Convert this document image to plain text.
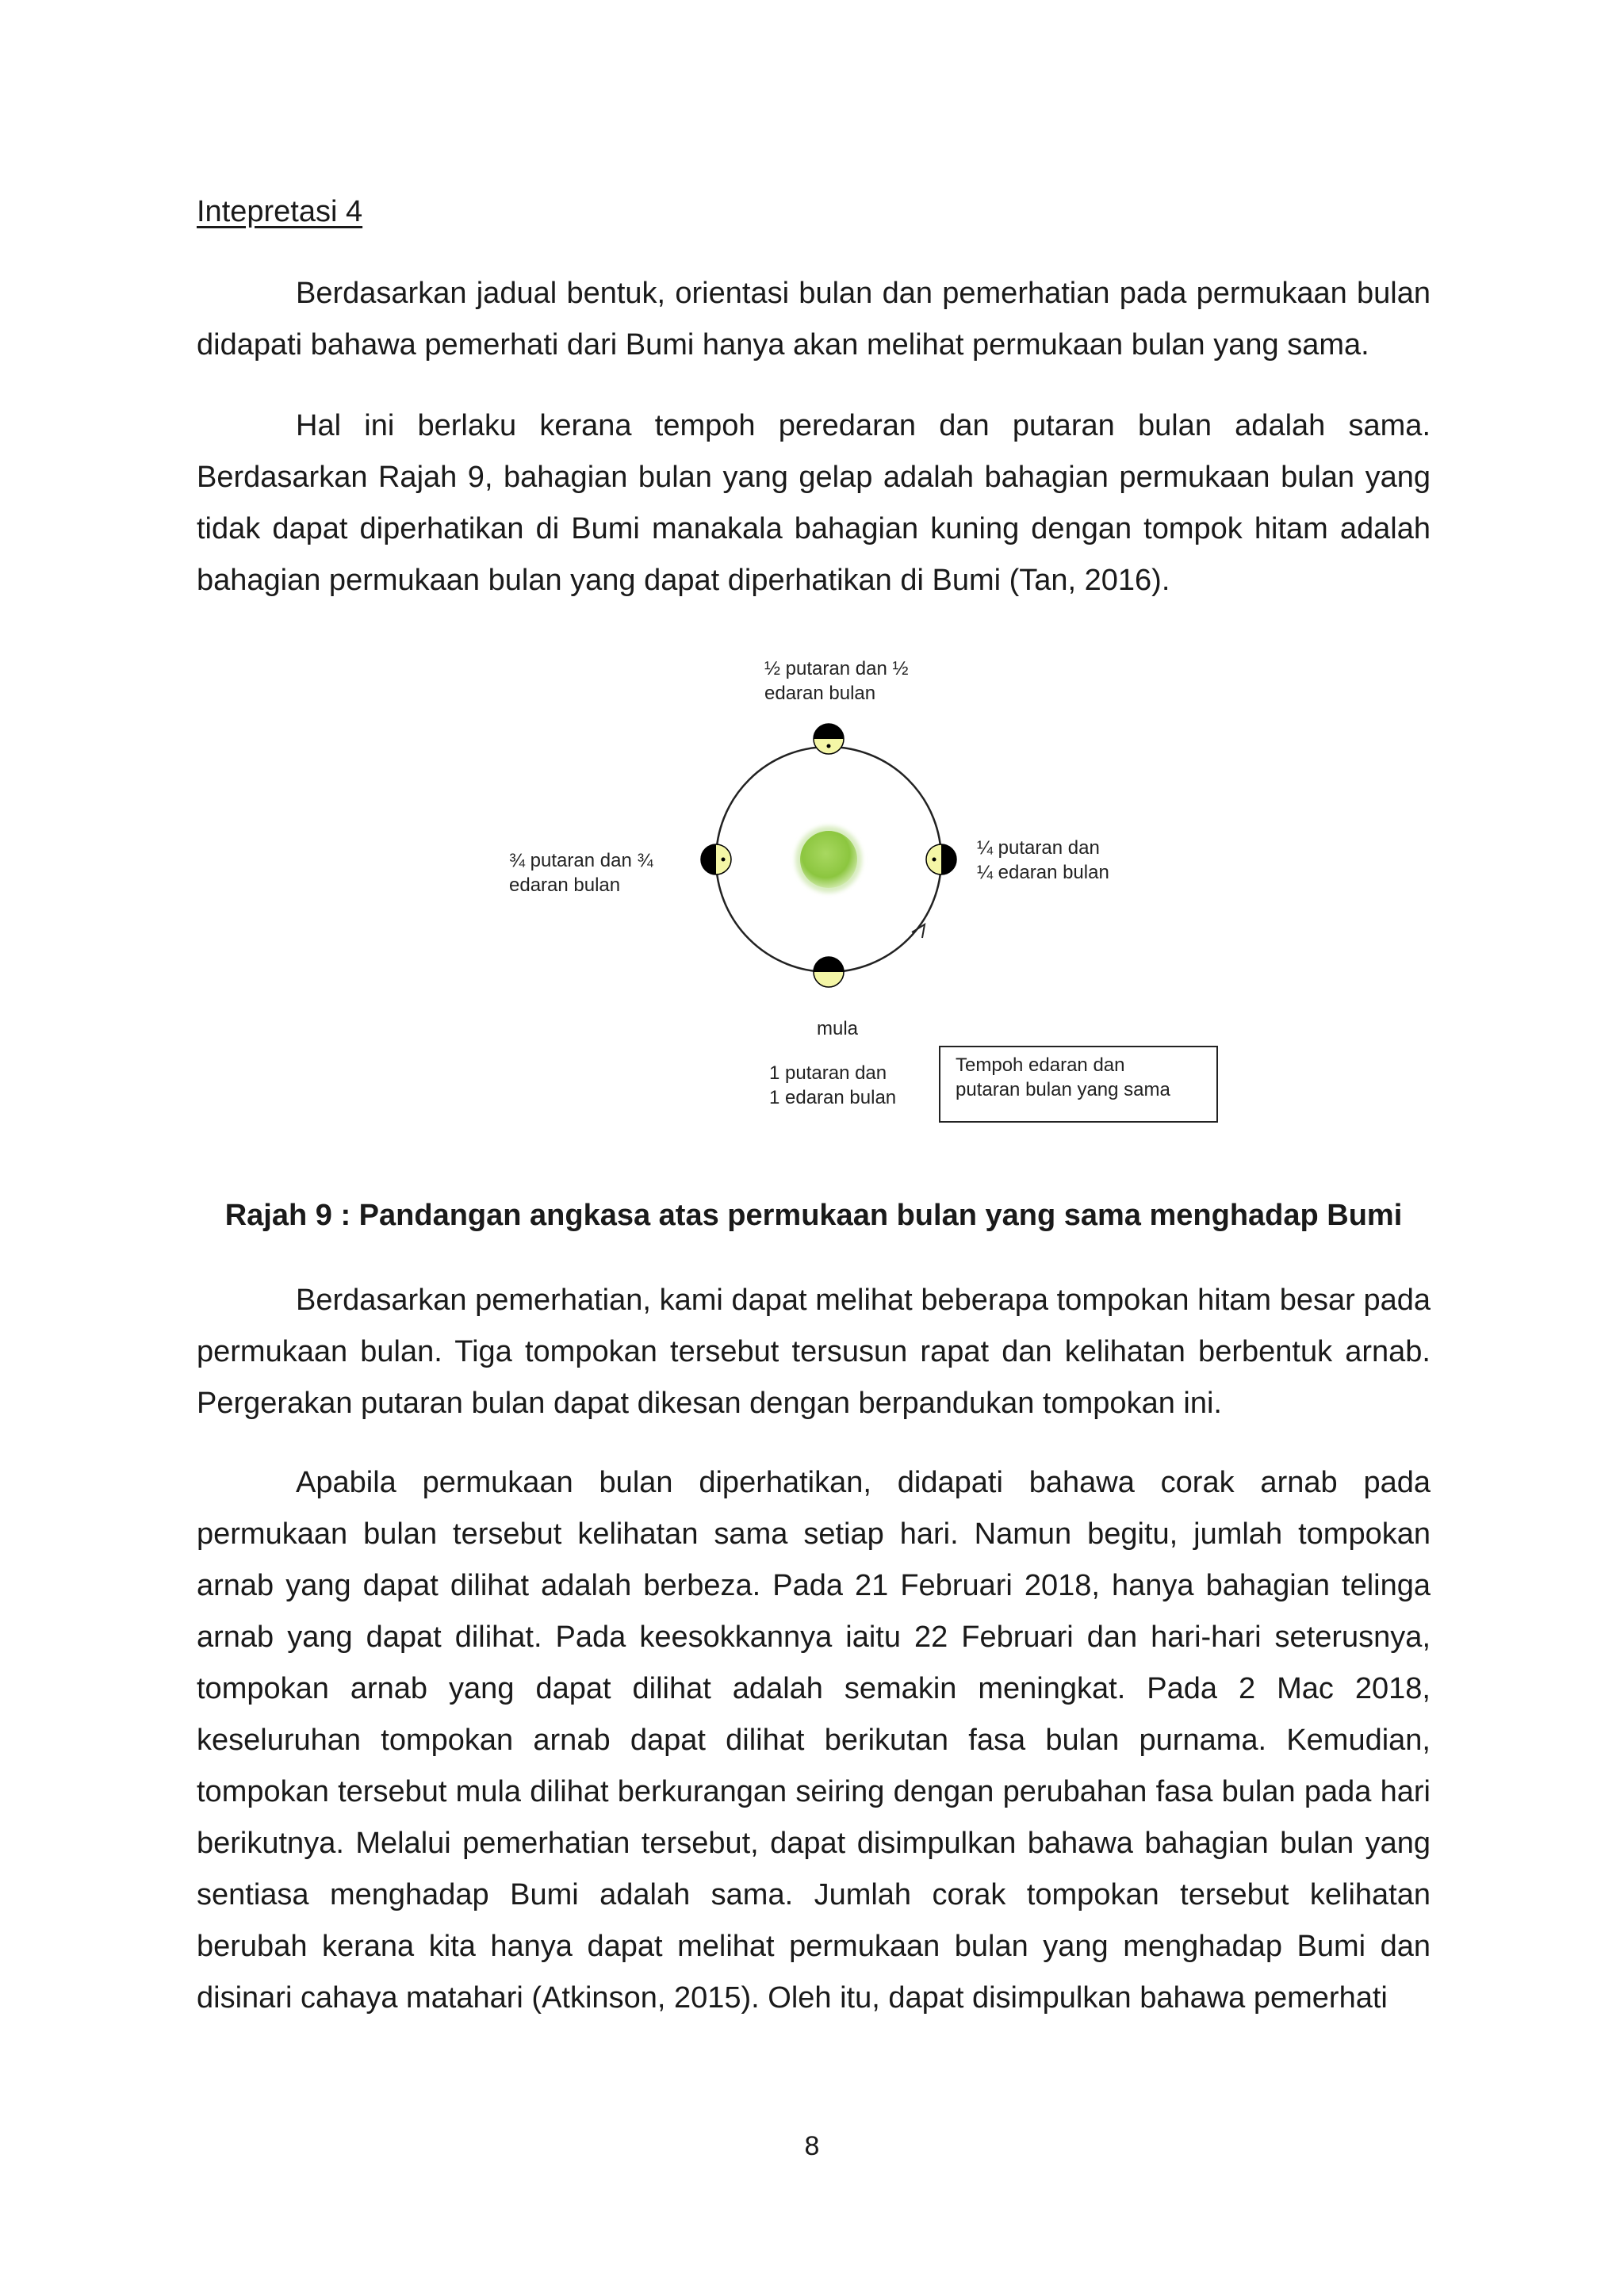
Intepretasi 4

Berdasarkan jadual bentuk, orientasi bulan dan pemerhatian pada permukaan bulan didapati bahawa pemerhati dari Bumi hanya akan melihat permukaan bulan yang sama.

Hal ini berlaku kerana tempoh peredaran dan putaran bulan adalah sama. Berdasarkan Rajah 9, bahagian bulan yang gelap adalah bahagian permukaan bulan yang tidak dapat diperhatikan di Bumi manakala bahagian kuning dengan tompok hitam adalah bahagian permukaan bulan yang dapat diperhatikan di Bumi (Tan, 2016).

½ putaran dan ½
edaran bulan
¼ putaran dan
¼ edaran bulan
¾ putaran dan ¾
edaran bulan
mula
1 putaran dan
1 edaran bulan
Tempoh edaran dan
putaran bulan yang sama
Rajah 9 : Pandangan angkasa atas permukaan bulan yang sama menghadap Bumi

Berdasarkan pemerhatian, kami dapat melihat beberapa tompokan hitam besar pada permukaan bulan. Tiga tompokan tersebut tersusun rapat dan kelihatan berbentuk arnab. Pergerakan putaran bulan dapat dikesan dengan berpandukan tompokan ini.

Apabila permukaan bulan diperhatikan, didapati bahawa corak arnab pada permukaan bulan tersebut kelihatan sama setiap hari. Namun begitu, jumlah tompokan arnab yang dapat dilihat adalah berbeza. Pada 21 Februari 2018, hanya bahagian telinga arnab yang dapat dilihat. Pada keesokkannya iaitu 22 Februari dan hari-hari seterusnya, tompokan arnab yang dapat dilihat adalah semakin meningkat. Pada 2 Mac 2018, keseluruhan tompokan arnab dapat dilihat berikutan fasa bulan purnama. Kemudian, tompokan tersebut mula dilihat berkurangan seiring dengan perubahan fasa bulan pada hari berikutnya. Melalui pemerhatian tersebut, dapat disimpulkan bahawa bahagian bulan yang sentiasa menghadap Bumi adalah sama. Jumlah corak tompokan tersebut kelihatan berubah kerana kita hanya dapat melihat permukaan bulan yang menghadap Bumi dan disinari cahaya matahari (Atkinson, 2015). Oleh itu, dapat disimpulkan bahawa pemerhati

8
